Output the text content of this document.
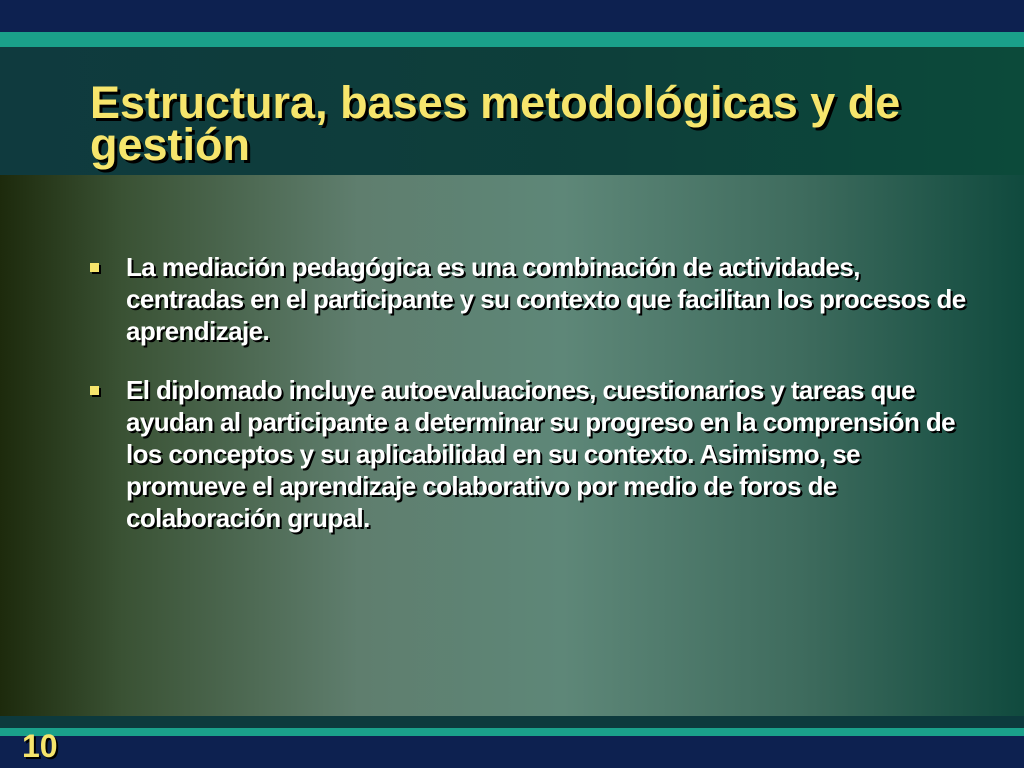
Estructura, bases metodológicas y de gestión
La mediación pedagógica es una combinación de actividades, centradas en el participante y su contexto que facilitan los procesos de aprendizaje.
El diplomado incluye autoevaluaciones, cuestionarios y tareas que ayudan al participante a determinar su progreso en la comprensión de los conceptos y su aplicabilidad en su contexto. Asimismo, se promueve el aprendizaje colaborativo por medio de foros de colaboración grupal.
10
